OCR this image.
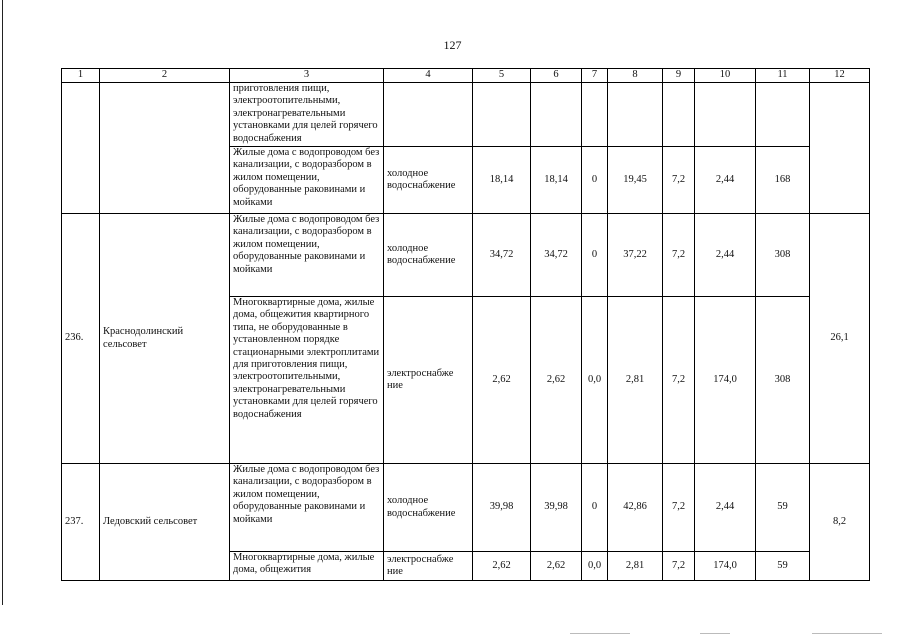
127
1	2	3	4	5	6	7	8	9	10	11	12
		приготовления пищи, электроотопительными, электронагревательными установками для целей горячего водоснабжения									
		Жилые дома с водопроводом без канализации, с водоразбором в жилом помещении, оборудованные раковинами и мойками	холодное водоснабжение	18,14	18,14	0	19,45	7,2	2,44	168	
236.	Краснодолинский сельсовет	Жилые дома с водопроводом без канализации, с водоразбором в жилом помещении, оборудованные раковинами и мойками	холодное водоснабжение	34,72	34,72	0	37,22	7,2	2,44	308	26,1
		Многоквартирные дома, жилые дома, общежития квартирного типа, не оборудованные в установленном порядке стационарными электроплитами для приготовления пищи, электроотопительными, электронагревательными установками для целей горячего водоснабжения	электроснабже ние	2,62	2,62	0,0	2,81	7,2	174,0	308	
237.	Ледовский сельсовет	Жилые дома с водопроводом без канализации, с водоразбором в жилом помещении, оборудованные раковинами и мойками	холодное водоснабжение	39,98	39,98	0	42,86	7,2	2,44	59	8,2
		Многоквартирные дома, жилые дома, общежития	электроснабже ние	2,62	2,62	0,0	2,81	7,2	174,0	59	
